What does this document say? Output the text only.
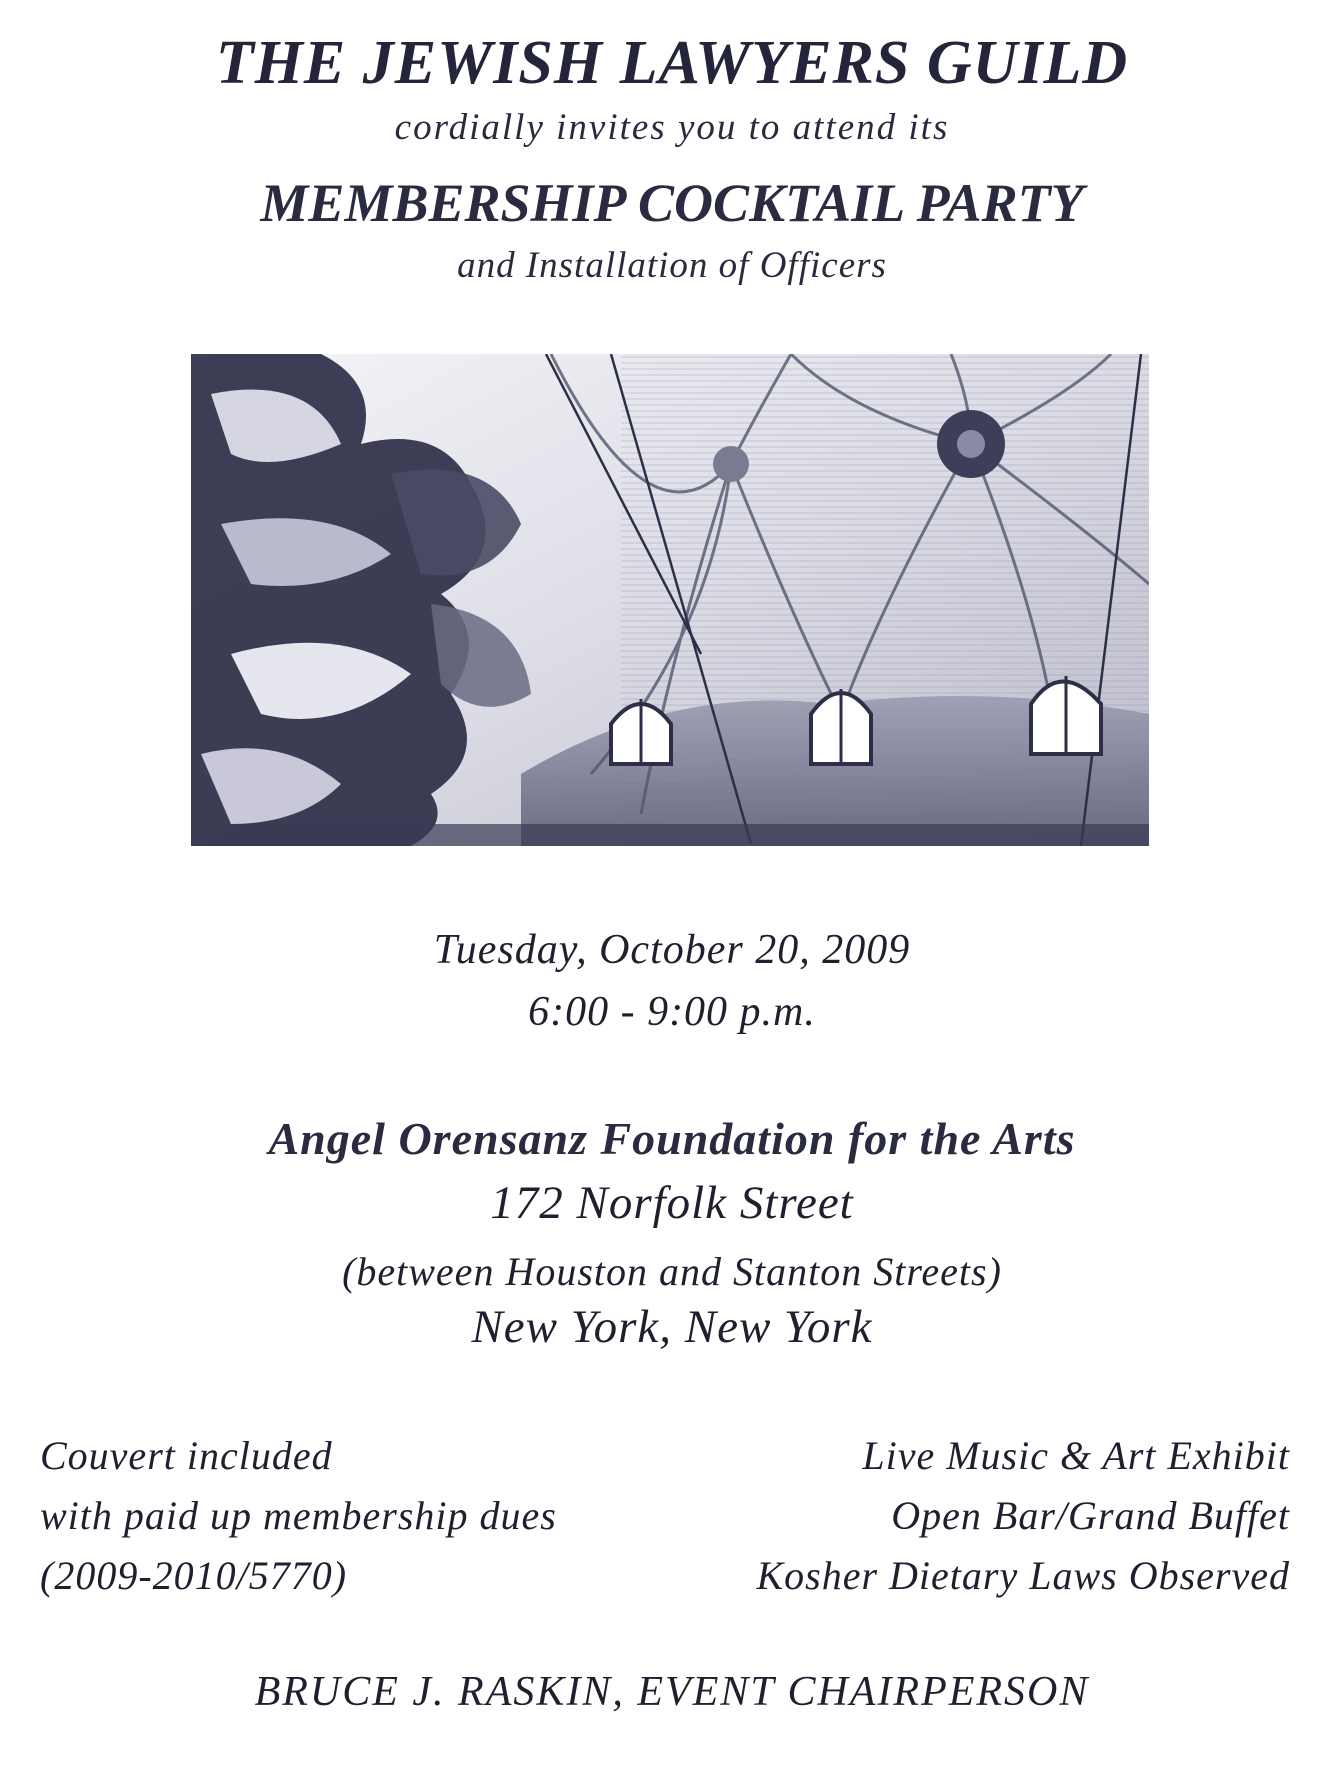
THE JEWISH LAWYERS GUILD
cordially invites you to attend its
MEMBERSHIP COCKTAIL PARTY
and Installation of Officers
Tuesday, October 20, 2009
6:00 - 9:00 p.m.
Angel Orensanz Foundation for the Arts
172 Norfolk Street
(between Houston and Stanton Streets)
New York, New York
Couvert included
with paid up membership dues
(2009-2010/5770)
Live Music & Art Exhibit
Open Bar/Grand Buffet
Kosher Dietary Laws Observed
BRUCE J. RASKIN, EVENT CHAIRPERSON
